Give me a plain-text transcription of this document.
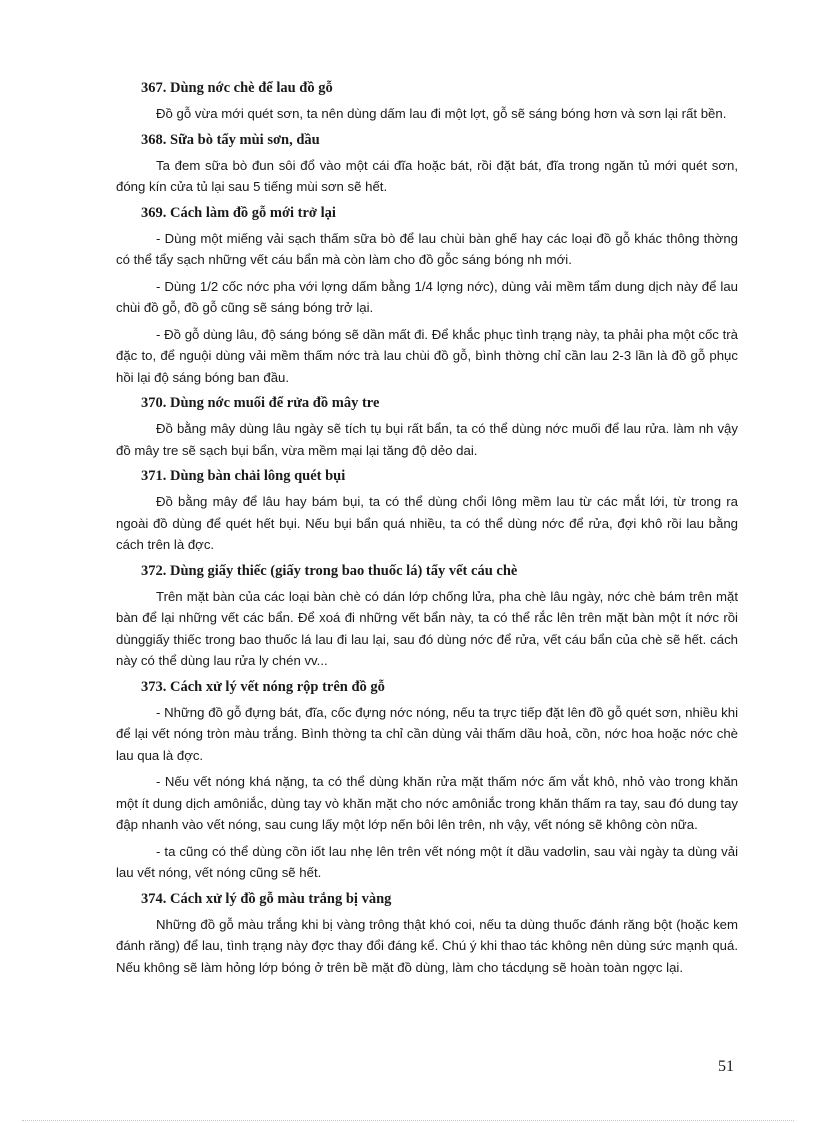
367. Dùng nớc chè để lau đồ gỗ

Đồ gỗ vừa mới quét sơn, ta nên dùng dấm lau đi một lợt, gỗ sẽ sáng bóng hơn và sơn lại rất bền.

368. Sữa bò tẩy mùi sơn, dầu

Ta đem sữa bò đun sôi đổ vào một cái đĩa hoặc bát, rồi đặt bát, đĩa trong ngăn tủ mới quét sơn, đóng kín cửa tủ lại sau 5 tiếng mùi sơn sẽ hết.

369. Cách làm đồ gỗ mới trở lại

- Dùng một miếng vải sạch thấm sữa bò để lau chùi bàn ghế hay các loại đồ gỗ khác thông thờng có thể tẩy sạch những vết cáu bẩn mà còn làm cho đồ gỗc sáng bóng nh mới.

- Dùng 1/2 cốc nớc pha với lợng dấm bằng 1/4 lợng nớc), dùng vải mềm tẩm dung dịch này để lau chùi đồ gỗ, đồ gỗ cũng sẽ sáng bóng trở lại.

- Đồ gỗ dùng lâu, độ sáng bóng sẽ dần mất đi. Để khắc phục tình trạng này, ta phải pha một cốc trà đặc to, để nguội dùng vải mềm thấm nớc trà lau chùi đồ gỗ, bình thờng chỉ cần lau 2-3 lần là đồ gỗ phục hồi lại độ sáng bóng ban đầu.

370. Dùng nớc muối để rửa đồ mây tre

Đồ bằng mây dùng lâu ngày sẽ tích tụ bụi rất bẩn, ta có thể dùng nớc muối để lau rửa. làm nh vậy đồ mây tre sẽ sạch bụi bẩn, vừa mềm mại lại tăng độ dẻo dai.

371. Dùng bàn chải lông quét bụi

Đồ bằng mây để lâu hay bám bụi, ta có thể dùng chổi lông mềm lau từ các mắt lới, từ trong ra ngoài đồ dùng để quét hết bụi. Nếu bụi bẩn quá nhiều, ta có thể dùng nớc để rửa, đợi khô rồi lau bằng cách trên là đợc.

372. Dùng giấy thiếc (giấy trong bao thuốc lá) tẩy vết cáu chè

Trên mặt bàn của các loại bàn chè có dán lớp chống lửa, pha chè lâu ngày, nớc chè bám trên mặt bàn để lại những vết các bẩn. Để xoá đi những vết bẩn này, ta có thể rắc lên trên mặt bàn một ít nớc rồi dùnggiấy thiếc trong bao thuốc lá lau đi lau lại, sau đó dùng nớc để rửa, vết cáu bẩn của chè sẽ hết. cách này có thể dùng lau rửa ly chén vv...

373. Cách xử lý vết nóng rộp trên đồ gỗ

- Những đồ gỗ đựng bát, đĩa, cốc đựng nớc nóng, nếu ta trực tiếp đặt lên đồ gỗ quét sơn, nhiều khi để lại vết nóng tròn màu trắng. Bình thờng ta chỉ cần dùng vải thấm dầu hoả, cồn, nớc hoa hoặc nớc chè lau qua là đợc.

- Nếu vết nóng khá nặng, ta có thể dùng khăn rửa mặt thấm nớc ấm vắt khô, nhỏ vào trong khăn một ít dung dịch amôniắc, dùng tay vò khăn mặt cho nớc amôniắc trong khăn thấm ra tay, sau đó dung tay đập nhanh vào vết nóng, sau cung lấy một lớp nến bôi lên trên, nh vậy, vết nóng sẽ không còn nữa.

- ta cũng có thể dùng cồn iốt lau nhẹ lên trên vết nóng một ít dầu vadơlin, sau vài ngày ta dùng vải lau vết nóng, vết nóng cũng sẽ hết.

374. Cách xử lý đồ gỗ màu trắng bị vàng

Những đồ gỗ màu trắng khi bị vàng trông thật khó coi, nếu ta dùng thuốc đánh răng bột (hoặc kem đánh răng) để lau, tình trạng này đợc thay đổi đáng kể. Chú ý khi thao tác không nên dùng sức mạnh quá. Nếu không sẽ làm hỏng lớp bóng ở trên bề mặt đồ dùng, làm cho tácdụng sẽ hoàn toàn ngợc lại.

51
